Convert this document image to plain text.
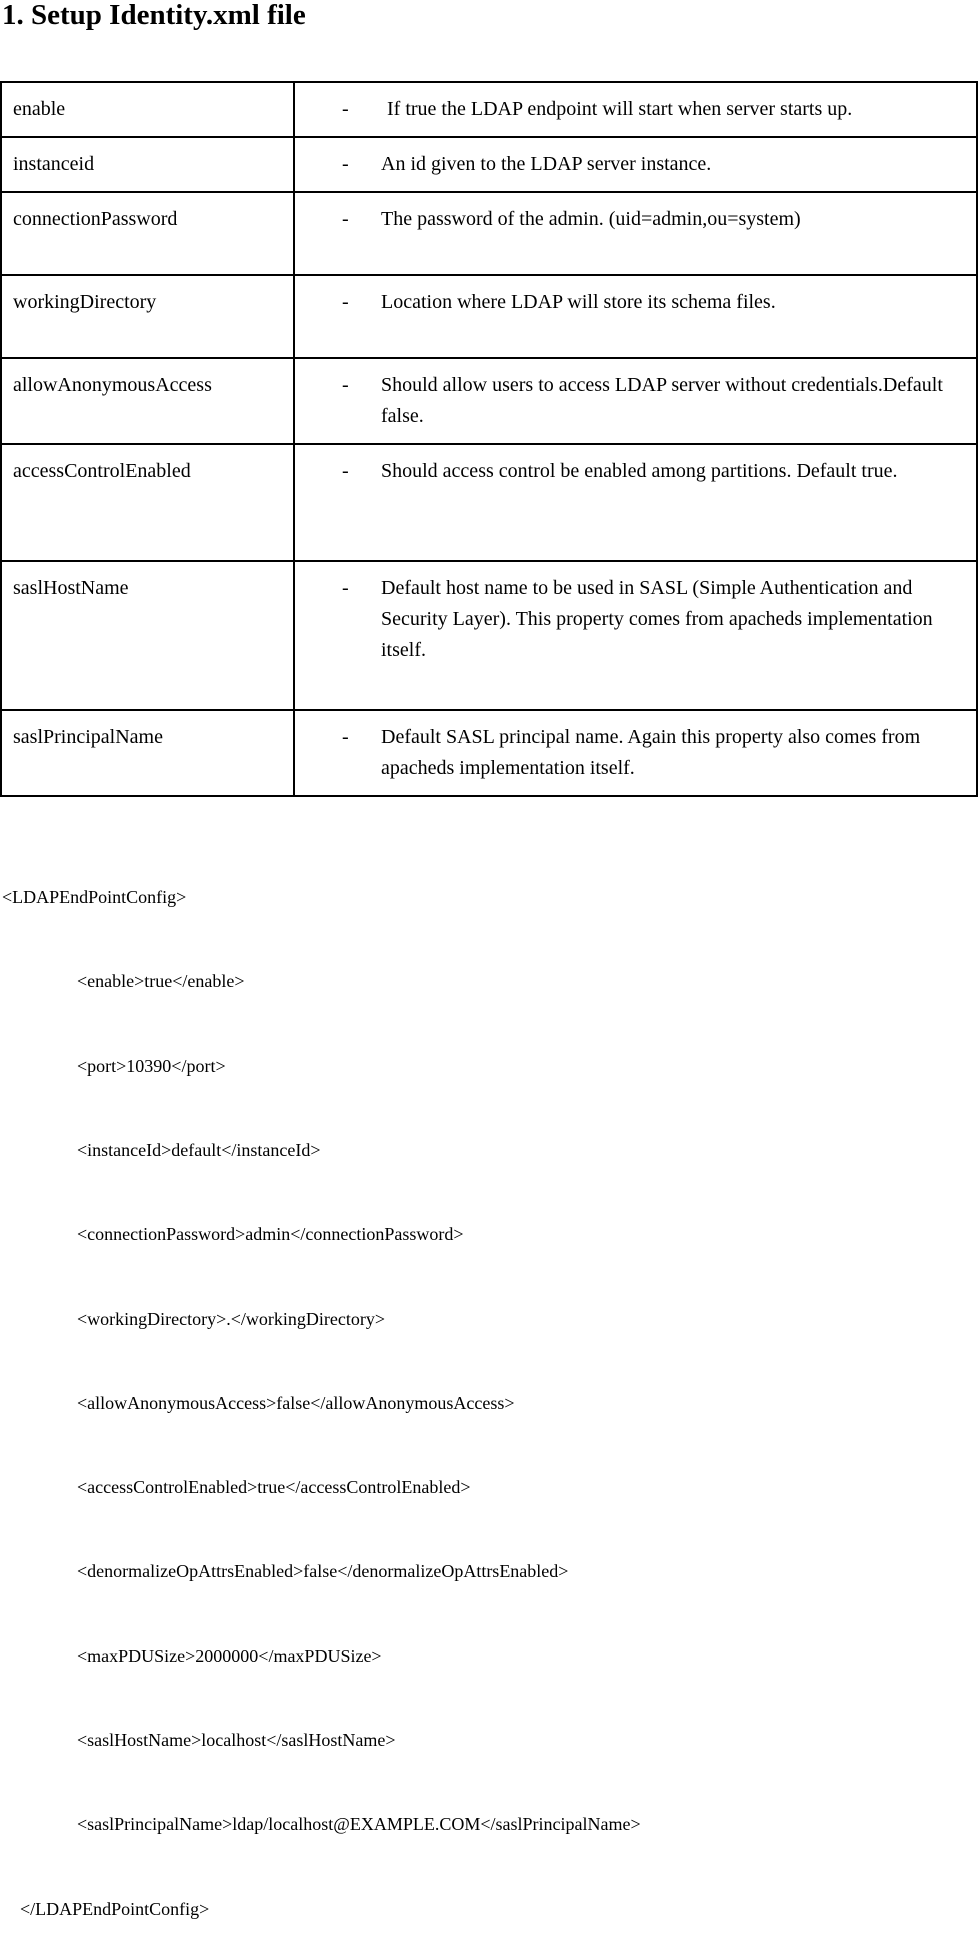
1. Setup Identity.xml file
enable	- If true the LDAP endpoint will start when server starts up.
instanceid	- An id given to the LDAP server instance.
connectionPassword	- The password of the admin. (uid=admin,ou=system)
workingDirectory	- Location where LDAP will store its schema files.
allowAnonymousAccess	- Should allow users to access LDAP server without credentials.Default false.
accessControlEnabled	- Should access control be enabled among partitions. Default true.
saslHostName	- Default host name to be used in SASL (Simple Authentication and Security Layer). This property comes from apacheds implementation itself.
saslPrincipalName	- Default SASL principal name. Again this property also comes from apacheds implementation itself.

<LDAPEndPointConfig>

<enable>true</enable>

<port>10390</port>

<instanceId>default</instanceId>

<connectionPassword>admin</connectionPassword>

<workingDirectory>.</workingDirectory>

<allowAnonymousAccess>false</allowAnonymousAccess>

<accessControlEnabled>true</accessControlEnabled>

<denormalizeOpAttrsEnabled>false</denormalizeOpAttrsEnabled>

<maxPDUSize>2000000</maxPDUSize>

<saslHostName>localhost</saslHostName>

<saslPrincipalName>ldap/localhost@EXAMPLE.COM</saslPrincipalName>

</LDAPEndPointConfig>
